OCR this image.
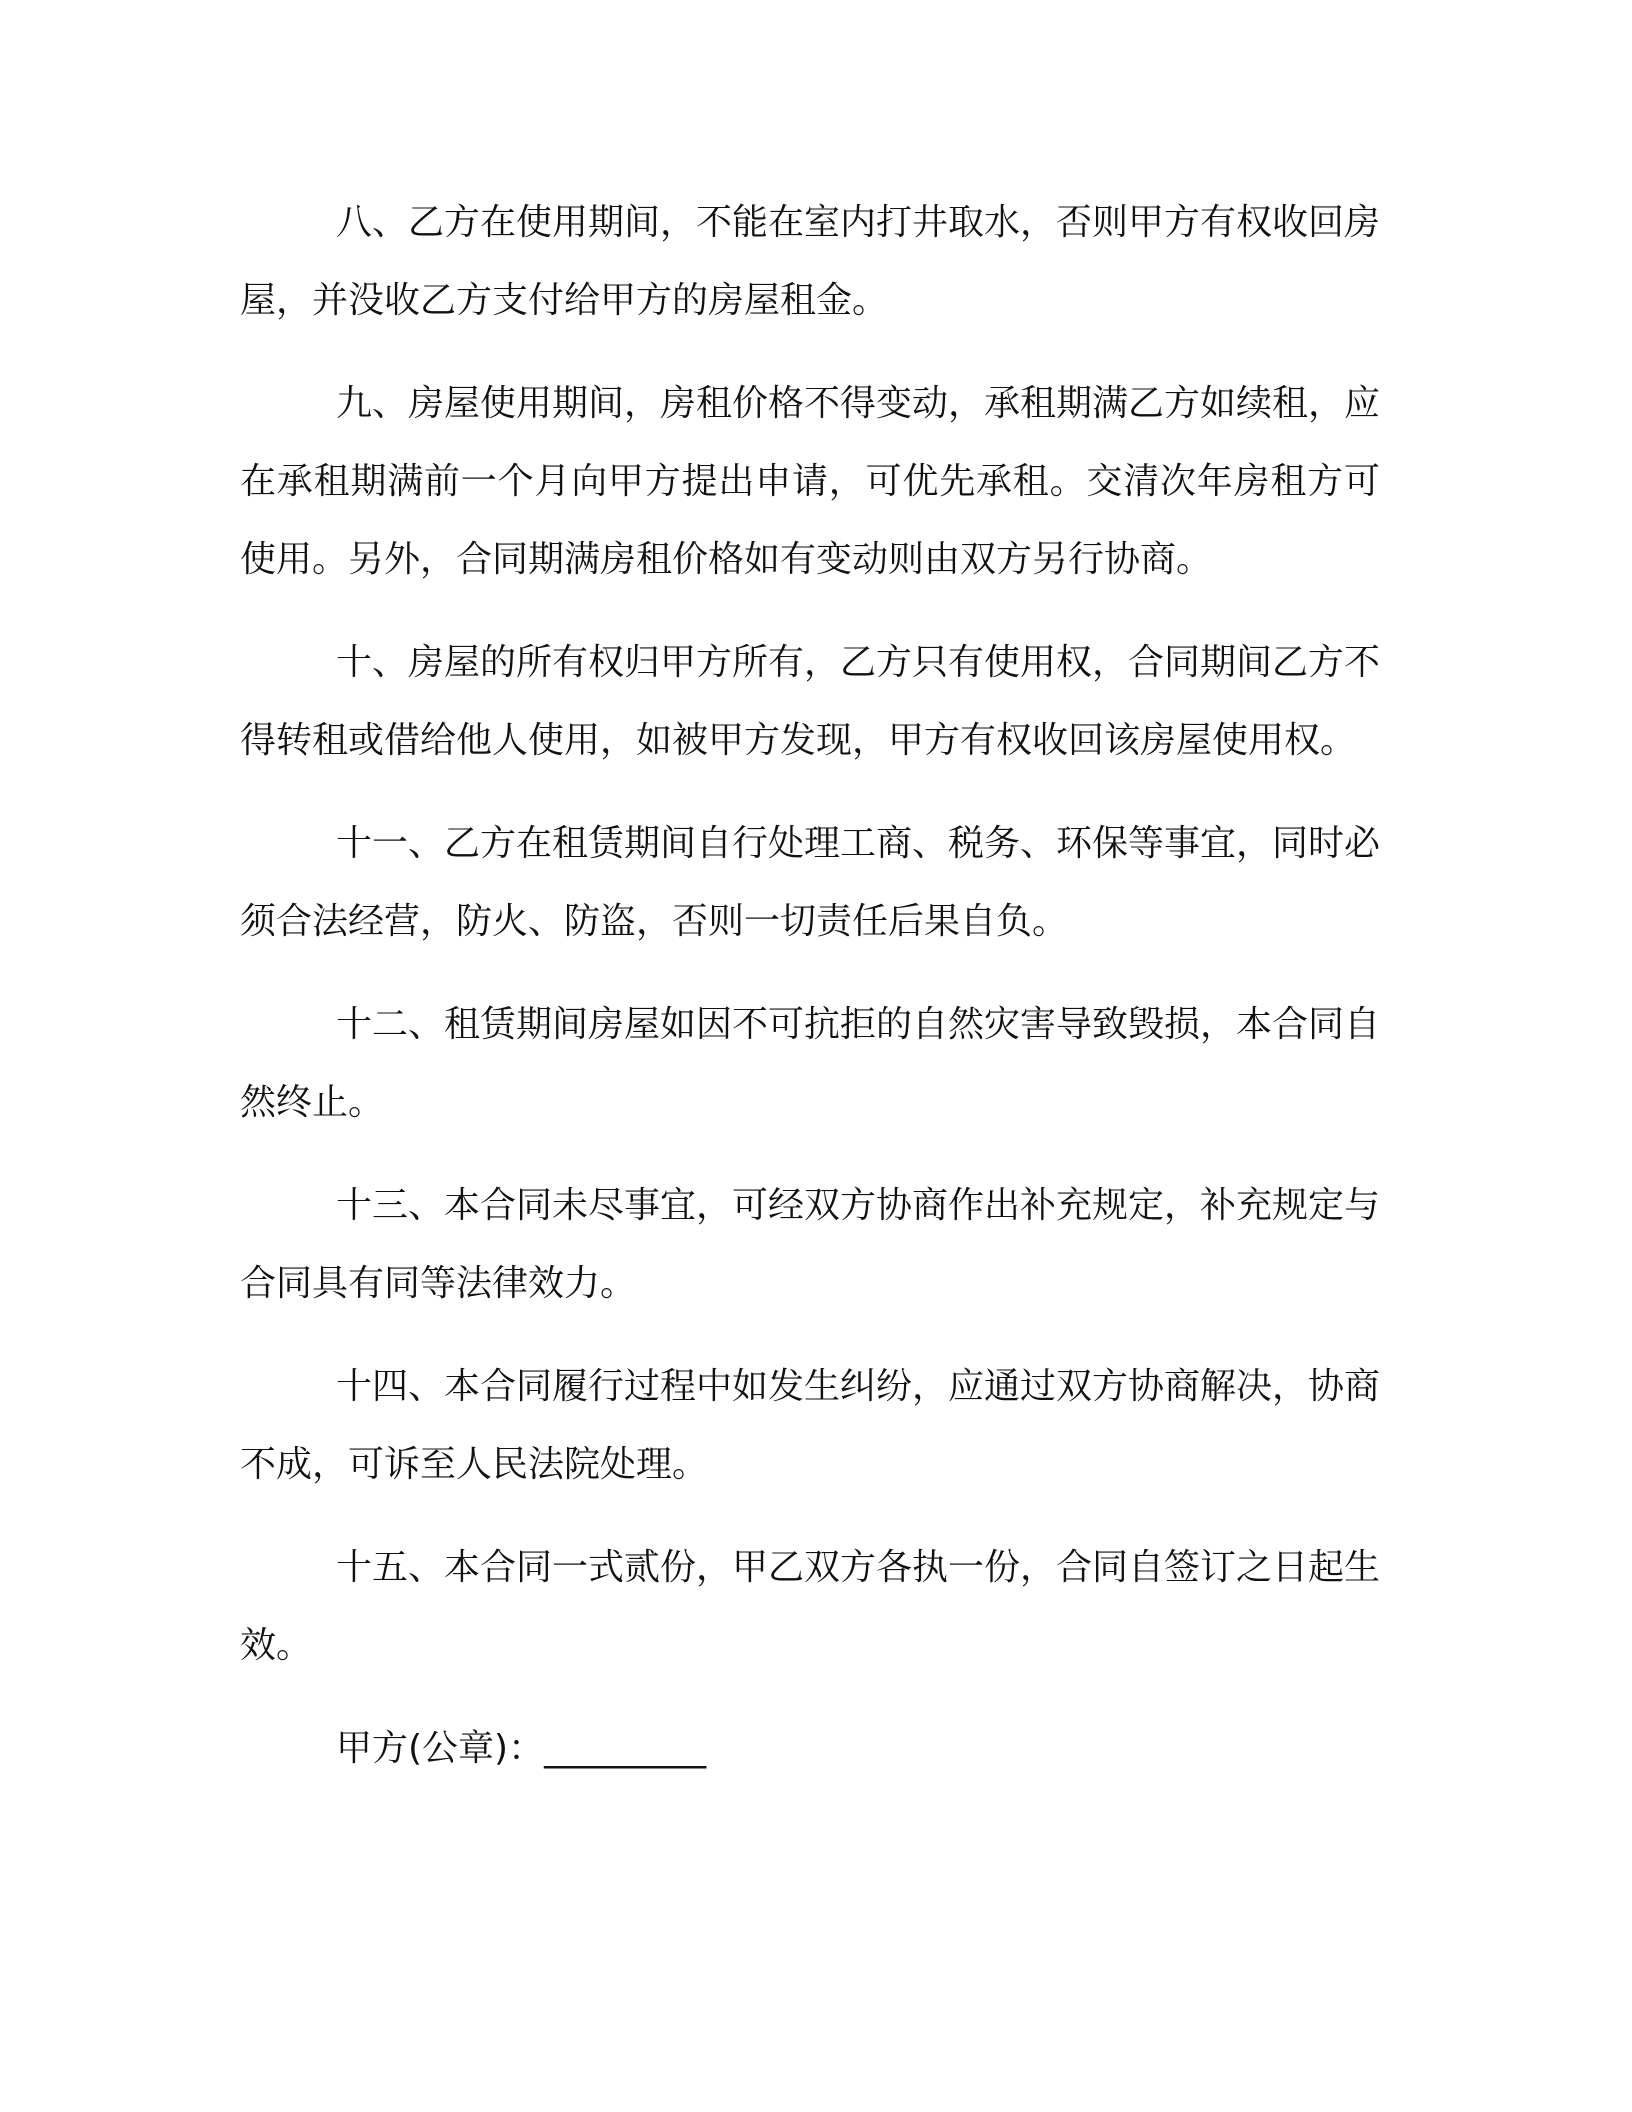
八、乙方在使用期间，不能在室内打井取水，否则甲方有权收回房屋，并没收乙方支付给甲方的房屋租金。

九、房屋使用期间，房租价格不得变动，承租期满乙方如续租，应在承租期满前一个月向甲方提出申请，可优先承租。交清次年房租方可使用。另外，合同期满房租价格如有变动则由双方另行协商。

十、房屋的所有权归甲方所有，乙方只有使用权，合同期间乙方不得转租或借给他人使用，如被甲方发现，甲方有权收回该房屋使用权。

十一、乙方在租赁期间自行处理工商、税务、环保等事宜，同时必须合法经营，防火、防盗，否则一切责任后果自负。

十二、租赁期间房屋如因不可抗拒的自然灾害导致毁损，本合同自然终止。

十三、本合同未尽事宜，可经双方协商作出补充规定，补充规定与合同具有同等法律效力。

十四、本合同履行过程中如发生纠纷，应通过双方协商解决，协商不成，可诉至人民法院处理。

十五、本合同一式贰份，甲乙双方各执一份，合同自签订之日起生效。

甲方(公章)：_________
